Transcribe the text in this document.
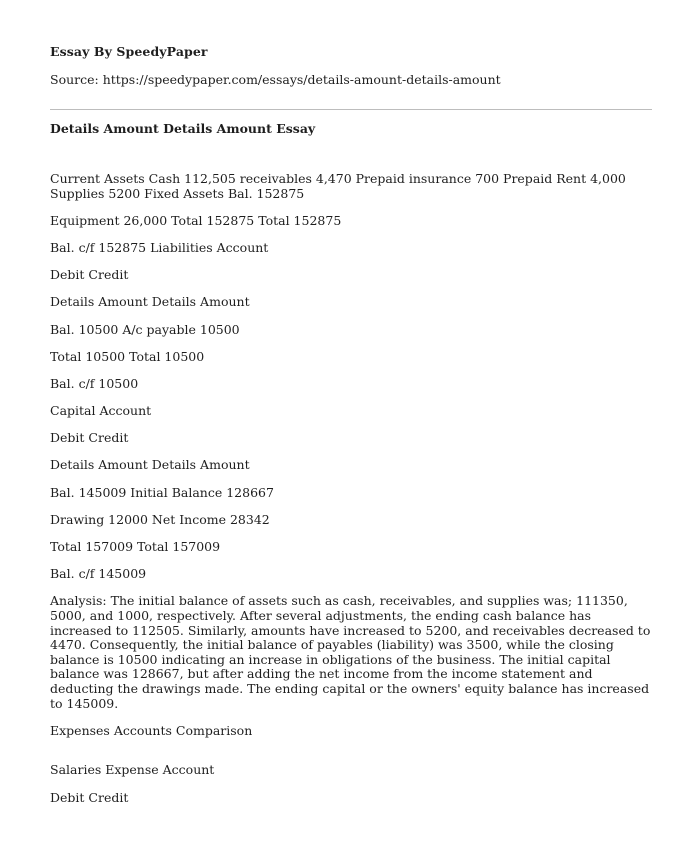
Essay By SpeedyPaper
Source: https://speedypaper.com/essays/details-amount-details-amount
Details Amount Details Amount Essay

Current Assets Cash 112,505 receivables 4,470 Prepaid insurance 700 Prepaid Rent 4,000 Supplies 5200 Fixed Assets Bal. 152875

Equipment 26,000 Total 152875 Total 152875

Bal. c/f 152875 Liabilities Account

Debit Credit

Details Amount Details Amount

Bal. 10500 A/c payable 10500

Total 10500 Total 10500

Bal. c/f 10500

Capital Account

Debit Credit

Details Amount Details Amount

Bal. 145009 Initial Balance 128667

Drawing 12000 Net Income 28342

Total 157009 Total 157009

Bal. c/f 145009

Analysis: The initial balance of assets such as cash, receivables, and supplies was; 111350, 5000, and 1000, respectively. After several adjustments, the ending cash balance has increased to 112505. Similarly, amounts have increased to 5200, and receivables decreased to 4470. Consequently, the initial balance of payables (liability) was 3500, while the closing balance is 10500 indicating an increase in obligations of the business. The initial capital balance was 128667, but after adding the net income from the income statement and deducting the drawings made. The ending capital or the owners' equity balance has increased to 145009.

Expenses Accounts Comparison

Salaries Expense Account

Debit Credit
